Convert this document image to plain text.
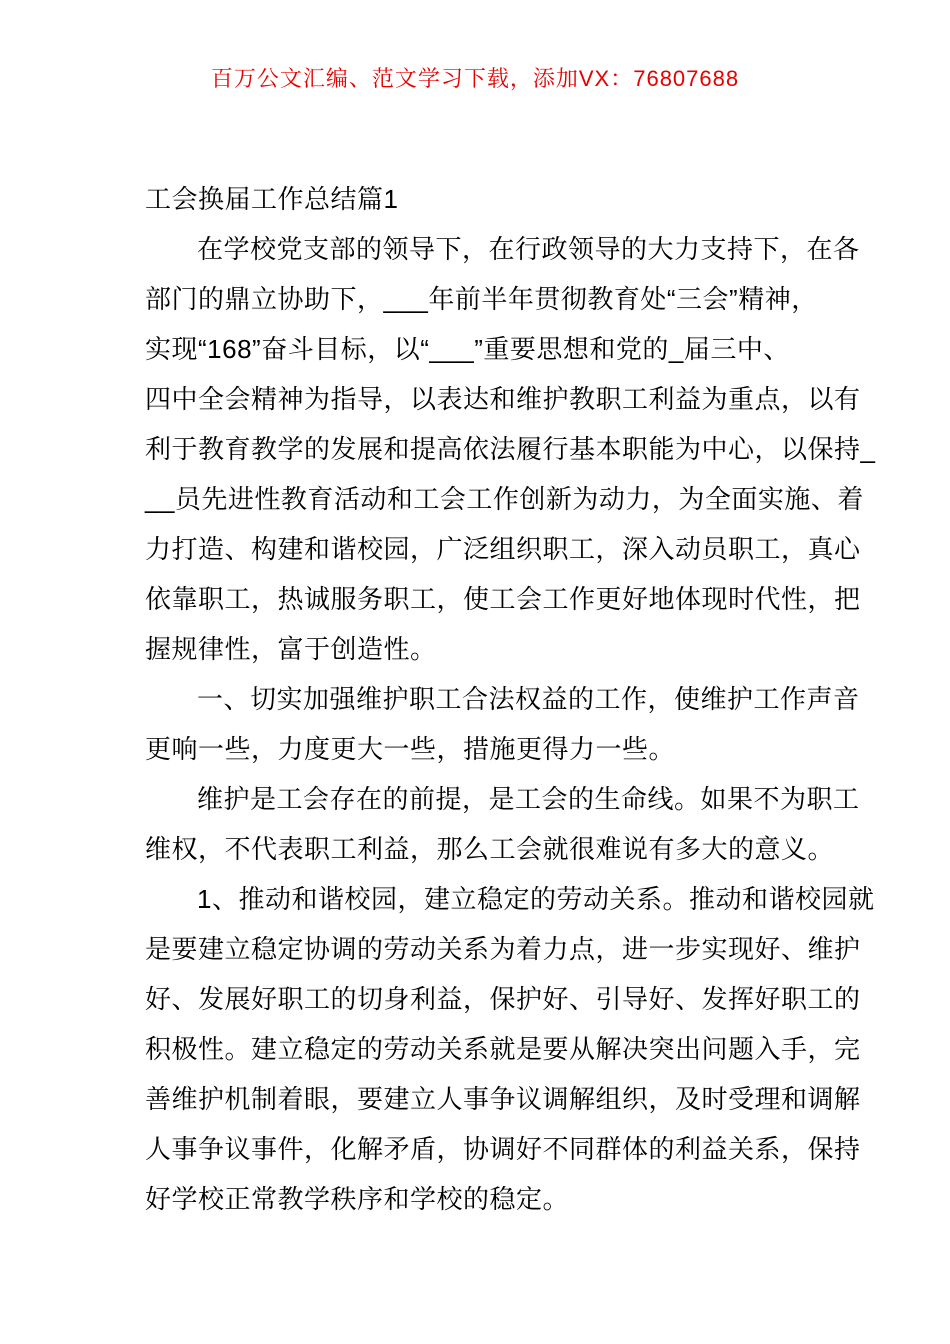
百万公文汇编、范文学习下载，添加VX：76807688
工会换届工作总结篇1
在学校党支部的领导下，在行政领导的大力支持下，在各
部门的鼎立协助下，___年前半年贯彻教育处“三会”精神，
实现“168”奋斗目标，以“___”重要思想和党的_届三中、
四中全会精神为指导，以表达和维护教职工利益为重点，以有
利于教育教学的发展和提高依法履行基本职能为中心，以保持_
__员先进性教育活动和工会工作创新为动力，为全面实施、着
力打造、构建和谐校园，广泛组织职工，深入动员职工，真心
依靠职工，热诚服务职工，使工会工作更好地体现时代性，把
握规律性，富于创造性。
一、切实加强维护职工合法权益的工作，使维护工作声音
更响一些，力度更大一些，措施更得力一些。
维护是工会存在的前提，是工会的生命线。如果不为职工
维权，不代表职工利益，那么工会就很难说有多大的意义。
1、推动和谐校园，建立稳定的劳动关系。推动和谐校园就
是要建立稳定协调的劳动关系为着力点，进一步实现好、维护
好、发展好职工的切身利益，保护好、引导好、发挥好职工的
积极性。建立稳定的劳动关系就是要从解决突出问题入手，完
善维护机制着眼，要建立人事争议调解组织，及时受理和调解
人事争议事件，化解矛盾，协调好不同群体的利益关系，保持
好学校正常教学秩序和学校的稳定。
